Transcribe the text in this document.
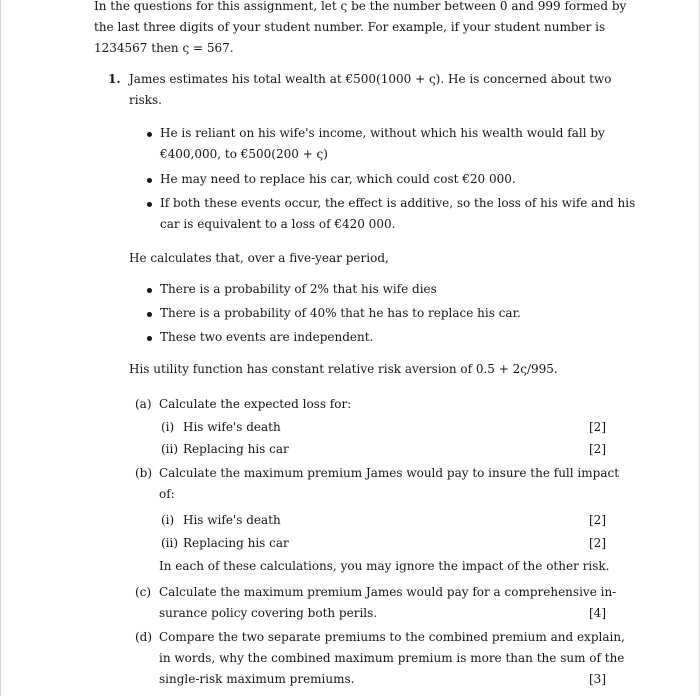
In the questions for this assignment, let ς be the number between 0 and 999 formed by
the last three digits of your student number. For example, if your student number is
1234567 then ς = 567.
1. James estimates his total wealth at €500(1000 + ς). He is concerned about two
risks.
He is reliant on his wife's income, without which his wealth would fall by
€400,000, to €500(200 + ς)
He may need to replace his car, which could cost €20 000.
If both these events occur, the effect is additive, so the loss of his wife and his
car is equivalent to a loss of €420 000.
He calculates that, over a five-year period,
There is a probability of 2% that his wife dies
There is a probability of 40% that he has to replace his car.
These two events are independent.
His utility function has constant relative risk aversion of 0.5 + 2ς/995.
(a) Calculate the expected loss for:
(i) His wife's death	[2]
(ii) Replacing his car	[2]
(b) Calculate the maximum premium James would pay to insure the full impact
of:
(i) His wife's death	[2]
(ii) Replacing his car	[2]
In each of these calculations, you may ignore the impact of the other risk.
(c) Calculate the maximum premium James would pay for a comprehensive in-
surance policy covering both perils.	[4]
(d) Compare the two separate premiums to the combined premium and explain,
in words, why the combined maximum premium is more than the sum of the
single-risk maximum premiums.	[3]
